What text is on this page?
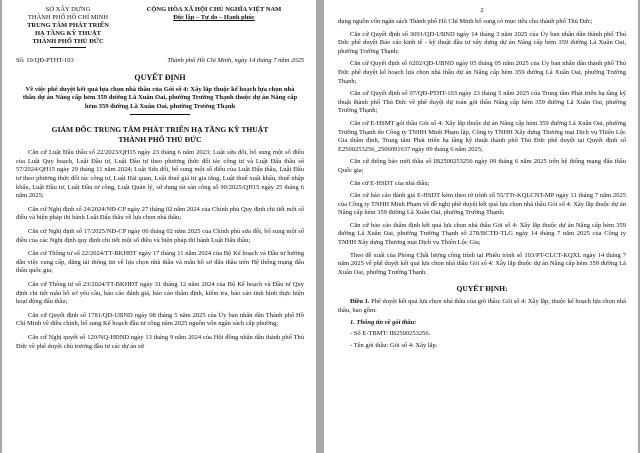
SỞ XÂY DỰNG
THÀNH PHỐ HỒ CHÍ MINH
TRUNG TÂM PHÁT TRIỂN
HẠ TẦNG KỸ THUẬT
THÀNH PHỐ THỦ ĐỨC
CỘNG HÒA XÃ HỘI CHỦ NGHĨA VIỆT NAM
Độc lập – Tự do – Hạnh phúc
Số: 10/QĐ-PTHT-103	Thành phố Hồ Chí Minh, ngày 14 tháng 7 năm 2025
QUYẾT ĐỊNH
Về việc phê duyệt kết quả lựa chọn nhà thầu của Gói số 4: Xây lắp thuộc kế hoạch lựa chọn nhà thầu dự án Nâng cấp hẻm 359 đường Lã Xuân Oai, phường Trường Thạnh thuộc dự án Nâng cấp hẻm 359 đường Lã Xuân Oai, phường Trường Thạnh
GIÁM ĐỐC TRUNG TÂM PHÁT TRIỂN HẠ TẦNG KỸ THUẬT
THÀNH PHỐ THỦ ĐỨC

Căn cứ Luật Đấu thầu số 22/2023/QH15 ngày 23 tháng 6 năm 2023; Luật sửa đổi, bổ sung một số điều của Luật Quy hoạch, Luật Đầu tư, Luật Đầu tư theo phương thức đối tác công tư và Luật Đấu thầu số 57/2024/QH15 ngày 29 tháng 11 năm 2024; Luật Sửa đổi, bổ sung một số điều của Luật Đấu thầu, Luật Đầu tư theo phương thức đối tác công tư, Luật Hải quan, Luật thuế giá trị gia tăng, Luật thuế xuất khẩu, thuế nhập khẩu, Luật Đầu tư, Luật Đầu tư công, Luật Quản lý, sử dụng tài sản công số 90/2025/QH15 ngày 25 tháng 6 năm 2025;

Căn cứ Nghị định số 24/2024/NĐ-CP ngày 27 tháng 02 năm 2024 của Chính phủ Quy định chi tiết một số điều và biện pháp thi hành Luật Đấu thầu về lựa chọn nhà thầu;

Căn cứ Nghị định số 17/2025/NĐ-CP ngày 06 tháng 02 năm 2025 của Chính phủ sửa đổi, bổ sung một số điều của các Nghị định quy định chi tiết một số điều và biện pháp thi hành Luật Đấu thầu;

Căn cứ Thông tư số 22/2024/TT-BKHĐT ngày 17 tháng 11 năm 2024 của Bộ Kế hoạch và Đầu tư hướng dẫn việc cung cấp, đăng tải thông tin về lựa chọn nhà thầu và mẫu hồ sơ đấu thầu trên Hệ thống mạng đấu thầu quốc gia;

Căn cứ Thông tư số 23/2024/TT-BKHĐT ngày 31 tháng 12 năm 2024 của Bộ Kế hoạch và Đầu tư Quy định chi tiết mẫu hồ sơ yêu cầu, báo cáo đánh giá, báo cáo thẩm định, kiểm tra, báo cáo tình hình thực hiện hoạt động đấu thầu;

Căn cứ Quyết định số 1781/QĐ-UBND ngày 08 tháng 5 năm 2025 của Ủy ban nhân dân Thành phố Hồ Chí Minh về điều chỉnh, bổ sung Kế hoạch đầu tư công năm 2025 nguồn vốn ngân sách cấp phường;

Căn cứ Nghị quyết số 120/NQ-HĐND ngày 13 tháng 9 năm 2024 của Hội đồng nhân dân thành phố Thủ Đức về phê duyệt chủ trương đầu tư các dự án sử

2

dụng nguồn vốn ngân sách Thành phố Hồ Chí Minh bổ sung có mục tiêu cho thành phố Thủ Đức;

Căn cứ Quyết định số 3091/QĐ-UBND ngày 14 tháng 3 năm 2025 của Ủy ban nhân dân thành phố Thủ Đức phê duyệt Báo cáo kinh tế - kỹ thuật đầu tư xây dựng dự án Nâng cấp hẻm 359 đường Lã Xuân Oai, phường Trường Thạnh;

Căn cứ Quyết định số 6202/QĐ-UBND ngày 05 tháng 05 năm 2025 của Ủy ban nhân dân thành phố Thủ Đức phê duyệt kế hoạch lựa chọn nhà thầu dự án Nâng cấp hẻm 359 đường Lã Xuân Oai, phường Trường Thạnh;

Căn cứ Quyết định số 07/QĐ-PTHT-103 ngày 23 tháng 5 năm 2025 của Trung tâm Phát triển hạ tầng kỹ thuật thành phố Thủ Đức về phê duyệt dự toán gói thầu Nâng cấp hẻm 359 đường Lã Xuân Oai, phường Trường Thạnh;

Căn cứ E-HSMT gói thầu Gói số 4: Xây lắp thuộc dự án Nâng cấp hẻm 359 đường Lã Xuân Oai, phường Trường Thạnh do Công ty TNHH Minh Phạm lập, Công ty TNHH Xây dựng Thương mại Dịch vụ Thiên Lộc Gia thẩm định, Trung tâm Phát triển hạ tầng kỹ thuật thành phố Thủ Đức phê duyệt tại Quyết định số E2500253256_2506091637 ngày 09 tháng 6 năm 2025;

Căn cứ thông báo mời thầu số IB2500253256 ngày 09 tháng 6 năm 2025 trên hệ thống mạng đấu thầu Quốc gia;

Căn cứ E-HSDT của nhà thầu;

Căn cứ báo cáo đánh giá E-HSDT kèm theo tờ trình số 55/TTr-KQLCNT-MP ngày 11 tháng 7 năm 2025 của Công ty TNHH Minh Phạm về đề nghị phê duyệt kết quả lựa chọn nhà thầu Gói số 4: Xây lắp thuộc dự án Nâng cấp hẻm 359 đường Lã Xuân Oai, phường Trường Thạnh;

Căn cứ báo cáo thẩm định kết quả lựa chọn nhà thầu Gói số 4: Xây lắp thuộc dự án Nâng cấp hẻm 359 đường Lã Xuân Oai, phường Trường Thạnh số 278/BCTĐ-TLG ngày 14 tháng 7 năm 2025 của Công ty TNHH Xây dựng Thương mại Dịch vụ Thiên Lộc Gia;

Theo đề xuất của Phòng Chất lượng công trình tại Phiếu trình số 103/PT-CLCT-KQXL ngày 14 tháng 7 năm 2025 về phê duyệt kết quả lựa chọn nhà thầu Gói số 4: Xây lắp thuộc dự án Nâng cấp hẻm 359 đường Lã Xuân Oai, phường Trường Thạnh.

QUYẾT ĐỊNH:

Điều 1. Phê duyệt kết quả lựa chọn nhà thầu của gói thầu: Gói số 4: Xây lắp, thuộc kế hoạch lựa chọn nhà thầu, bao gồm:

1. Thông tin về gói thầu:
- Số E-TBMT: IB2500253256.
- Tên gói thầu: Gói số 4: Xây lắp.
